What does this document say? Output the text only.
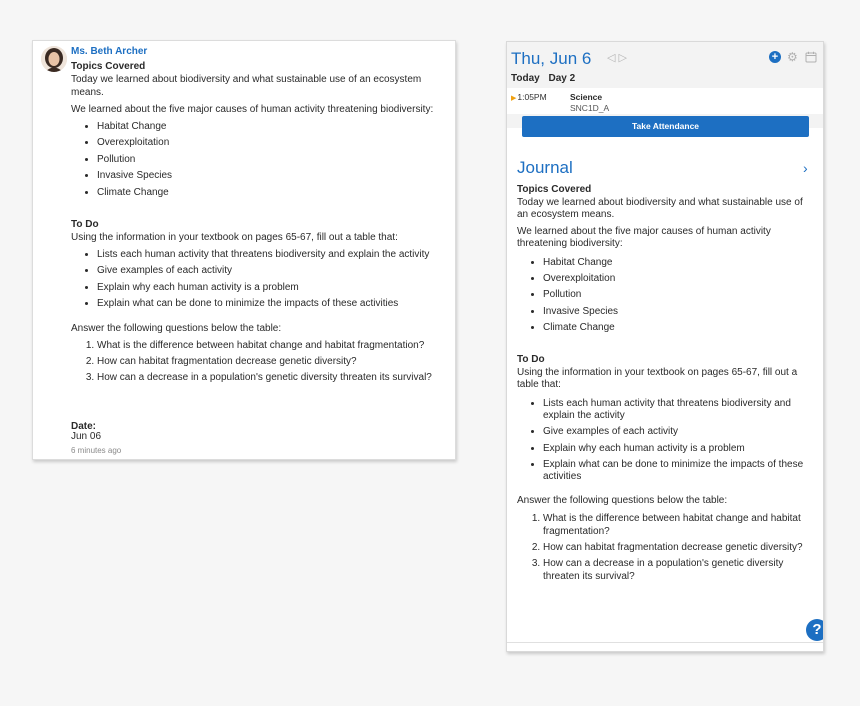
Ms. Beth Archer
Topics Covered

Today we learned about biodiversity and what sustainable use of an ecosystem means.

We learned about the five major causes of human activity threatening biodiversity:

• Habitat Change
• Overexploitation
• Pollution
• Invasive Species
• Climate Change
To Do

Using the information in your textbook on pages 65-67, fill out a table that:

• Lists each human activity that threatens biodiversity and explain the activity
• Give examples of each activity
• Explain why each human activity is a problem
• Explain what can be done to minimize the impacts of these activities

Answer the following questions below the table:

1. What is the difference between habitat change and habitat fragmentation?
2. How can habitat fragmentation decrease genetic diversity?
3. How can a decrease in a population's genetic diversity threaten its survival?
Date:
Jun 06
6 minutes ago
Thu, Jun 6 ◁▷	+ ⚙
Today Day 2
▶1:05PM	Science
SNC1D_A
Take Attendance
Journal	›
Topics Covered

Today we learned about biodiversity and what sustainable use of an ecosystem means.

We learned about the five major causes of human activity threatening biodiversity:

• Habitat Change
• Overexploitation
• Pollution
• Invasive Species
• Climate Change
To Do

Using the information in your textbook on pages 65-67, fill out a table that:

• Lists each human activity that threatens biodiversity and explain the activity
• Give examples of each activity
• Explain why each human activity is a problem
• Explain what can be done to minimize the impacts of these activities

Answer the following questions below the table:

1. What is the difference between habitat change and habitat fragmentation?
2. How can habitat fragmentation decrease genetic diversity?
3. How can a decrease in a population's genetic diversity threaten its survival?
?
